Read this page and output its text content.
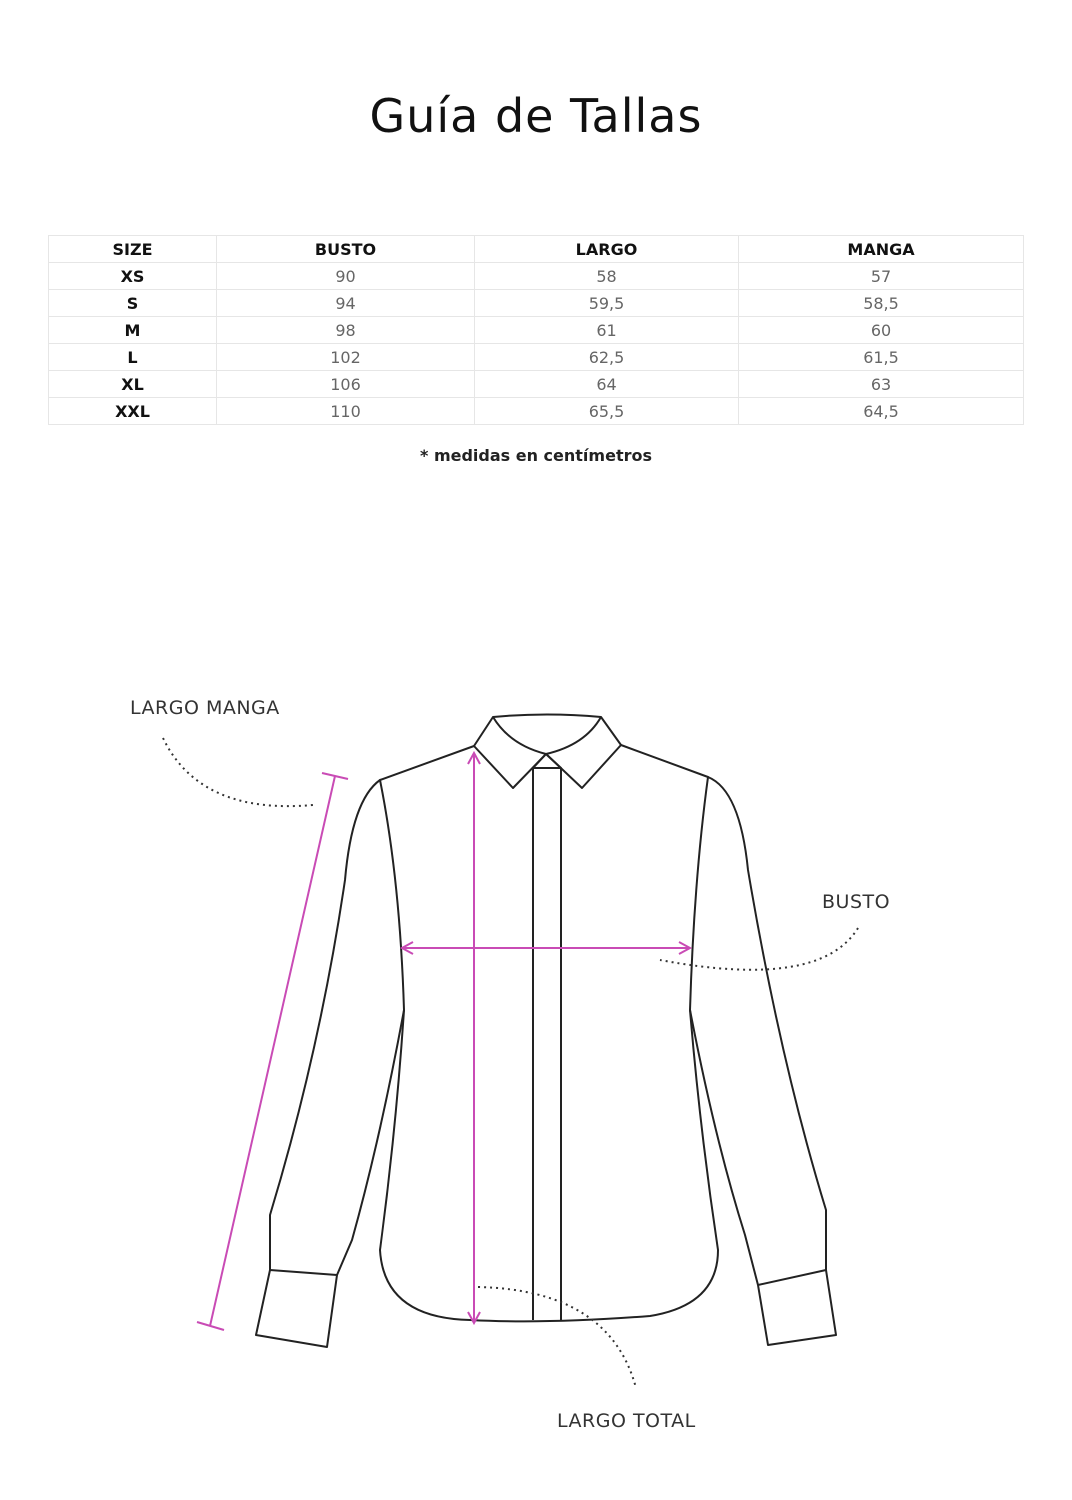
Guía de Tallas
SIZE	BUSTO	LARGO	MANGA
XS	90	58	57
S	94	59,5	58,5
M	98	61	60
L	102	62,5	61,5
XL	106	64	63
XXL	110	65,5	64,5
* medidas en centímetros
LARGO MANGA
BUSTO
LARGO TOTAL
